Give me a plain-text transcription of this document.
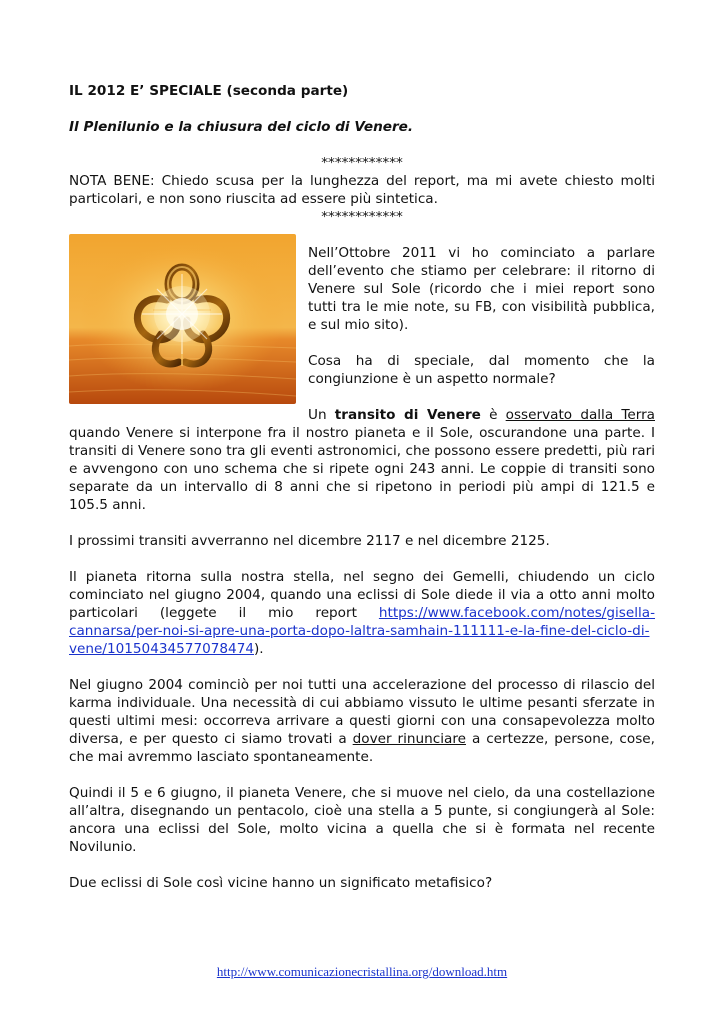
IL 2012 E’ SPECIALE (seconda parte)

Il Plenilunio e la chiusura del ciclo di Venere.

************

NOTA BENE: Chiedo scusa per la lunghezza del report, ma mi avete chiesto molti particolari, e non sono riuscita ad essere più sintetica.

************

Nell’Ottobre 2011 vi ho cominciato a parlare dell’evento che stiamo per celebrare: il ritorno di Venere sul Sole (ricordo che i miei report sono tutti tra le mie note, su FB, con visibilità pubblica, e sul mio sito).

Cosa ha di speciale, dal momento che la congiunzione è un aspetto normale?

Un transito di Venere è osservato dalla Terra quando Venere si interpone fra il nostro pianeta e il Sole, oscurandone una parte. I transiti di Venere sono tra gli eventi astronomici, che possono essere predetti, più rari e avvengono con uno schema che si ripete ogni 243 anni. Le coppie di transiti sono separate da un intervallo di 8 anni che si ripetono in periodi più ampi di 121.5 e 105.5 anni.

I prossimi transiti avverranno nel dicembre 2117 e nel dicembre 2125.

Il pianeta ritorna sulla nostra stella, nel segno dei Gemelli, chiudendo un ciclo cominciato nel giugno 2004, quando una eclissi di Sole diede il via a otto anni molto particolari (leggete il mio report https://www.facebook.com/notes/gisella-cannarsa/per-noi-si-apre-una-porta-dopo-laltra-samhain-111111-e-la-fine-del-ciclo-di-vene/10150434577078474).

Nel giugno 2004 cominciò per noi tutti una accelerazione del processo di rilascio del karma individuale. Una necessità di cui abbiamo vissuto le ultime pesanti sferzate in questi ultimi mesi: occorreva arrivare a questi giorni con una consapevolezza molto diversa, e per questo ci siamo trovati a dover rinunciare a certezze, persone, cose, che mai avremmo lasciato spontaneamente.

Quindi il 5 e 6 giugno, il pianeta Venere, che si muove nel cielo, da una costellazione all’altra, disegnando un pentacolo, cioè una stella a 5 punte, si congiungerà al Sole: ancora una eclissi del Sole, molto vicina a quella che si è formata nel recente Novilunio.

Due eclissi di Sole così vicine hanno un significato metafisico?

http://www.comunicazionecristallina.org/download.htm
